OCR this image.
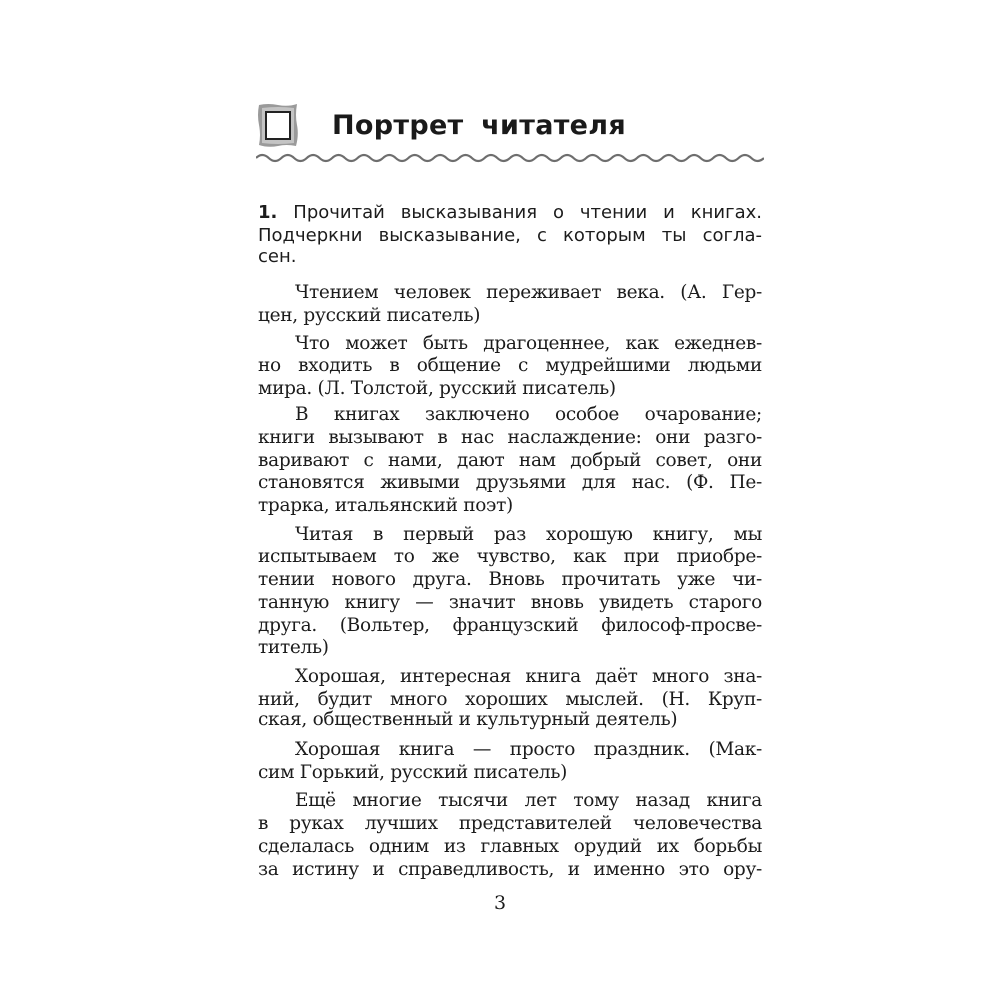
Портрет читателя
1. Прочитай высказывания о чтении и книгах.
Подчеркни высказывание, с которым ты согла-
сен.
Чтением человек переживает века. (А. Гер-
цен, русский писатель)
Что может быть драгоценнее, как ежеднев-
но входить в общение с мудрейшими людьми
мира. (Л. Толстой, русский писатель)
В книгах заключено особое очарование;
книги вызывают в нас наслаждение: они разго-
варивают с нами, дают нам добрый совет, они
становятся живыми друзьями для нас. (Ф. Пе-
трарка, итальянский поэт)
Читая в первый раз хорошую книгу, мы
испытываем то же чувство, как при приобре-
тении нового друга. Вновь прочитать уже чи-
танную книгу — значит вновь увидеть старого
друга. (Вольтер, французский философ-просве-
титель)
Хорошая, интересная книга даёт много зна-
ний, будит много хороших мыслей. (Н. Круп-
ская, общественный и культурный деятель)
Хорошая книга — просто праздник. (Мак-
сим Горький, русский писатель)
Ещё многие тысячи лет тому назад книга
в руках лучших представителей человечества
сделалась одним из главных орудий их борьбы
за истину и справедливость, и именно это ору-
3
